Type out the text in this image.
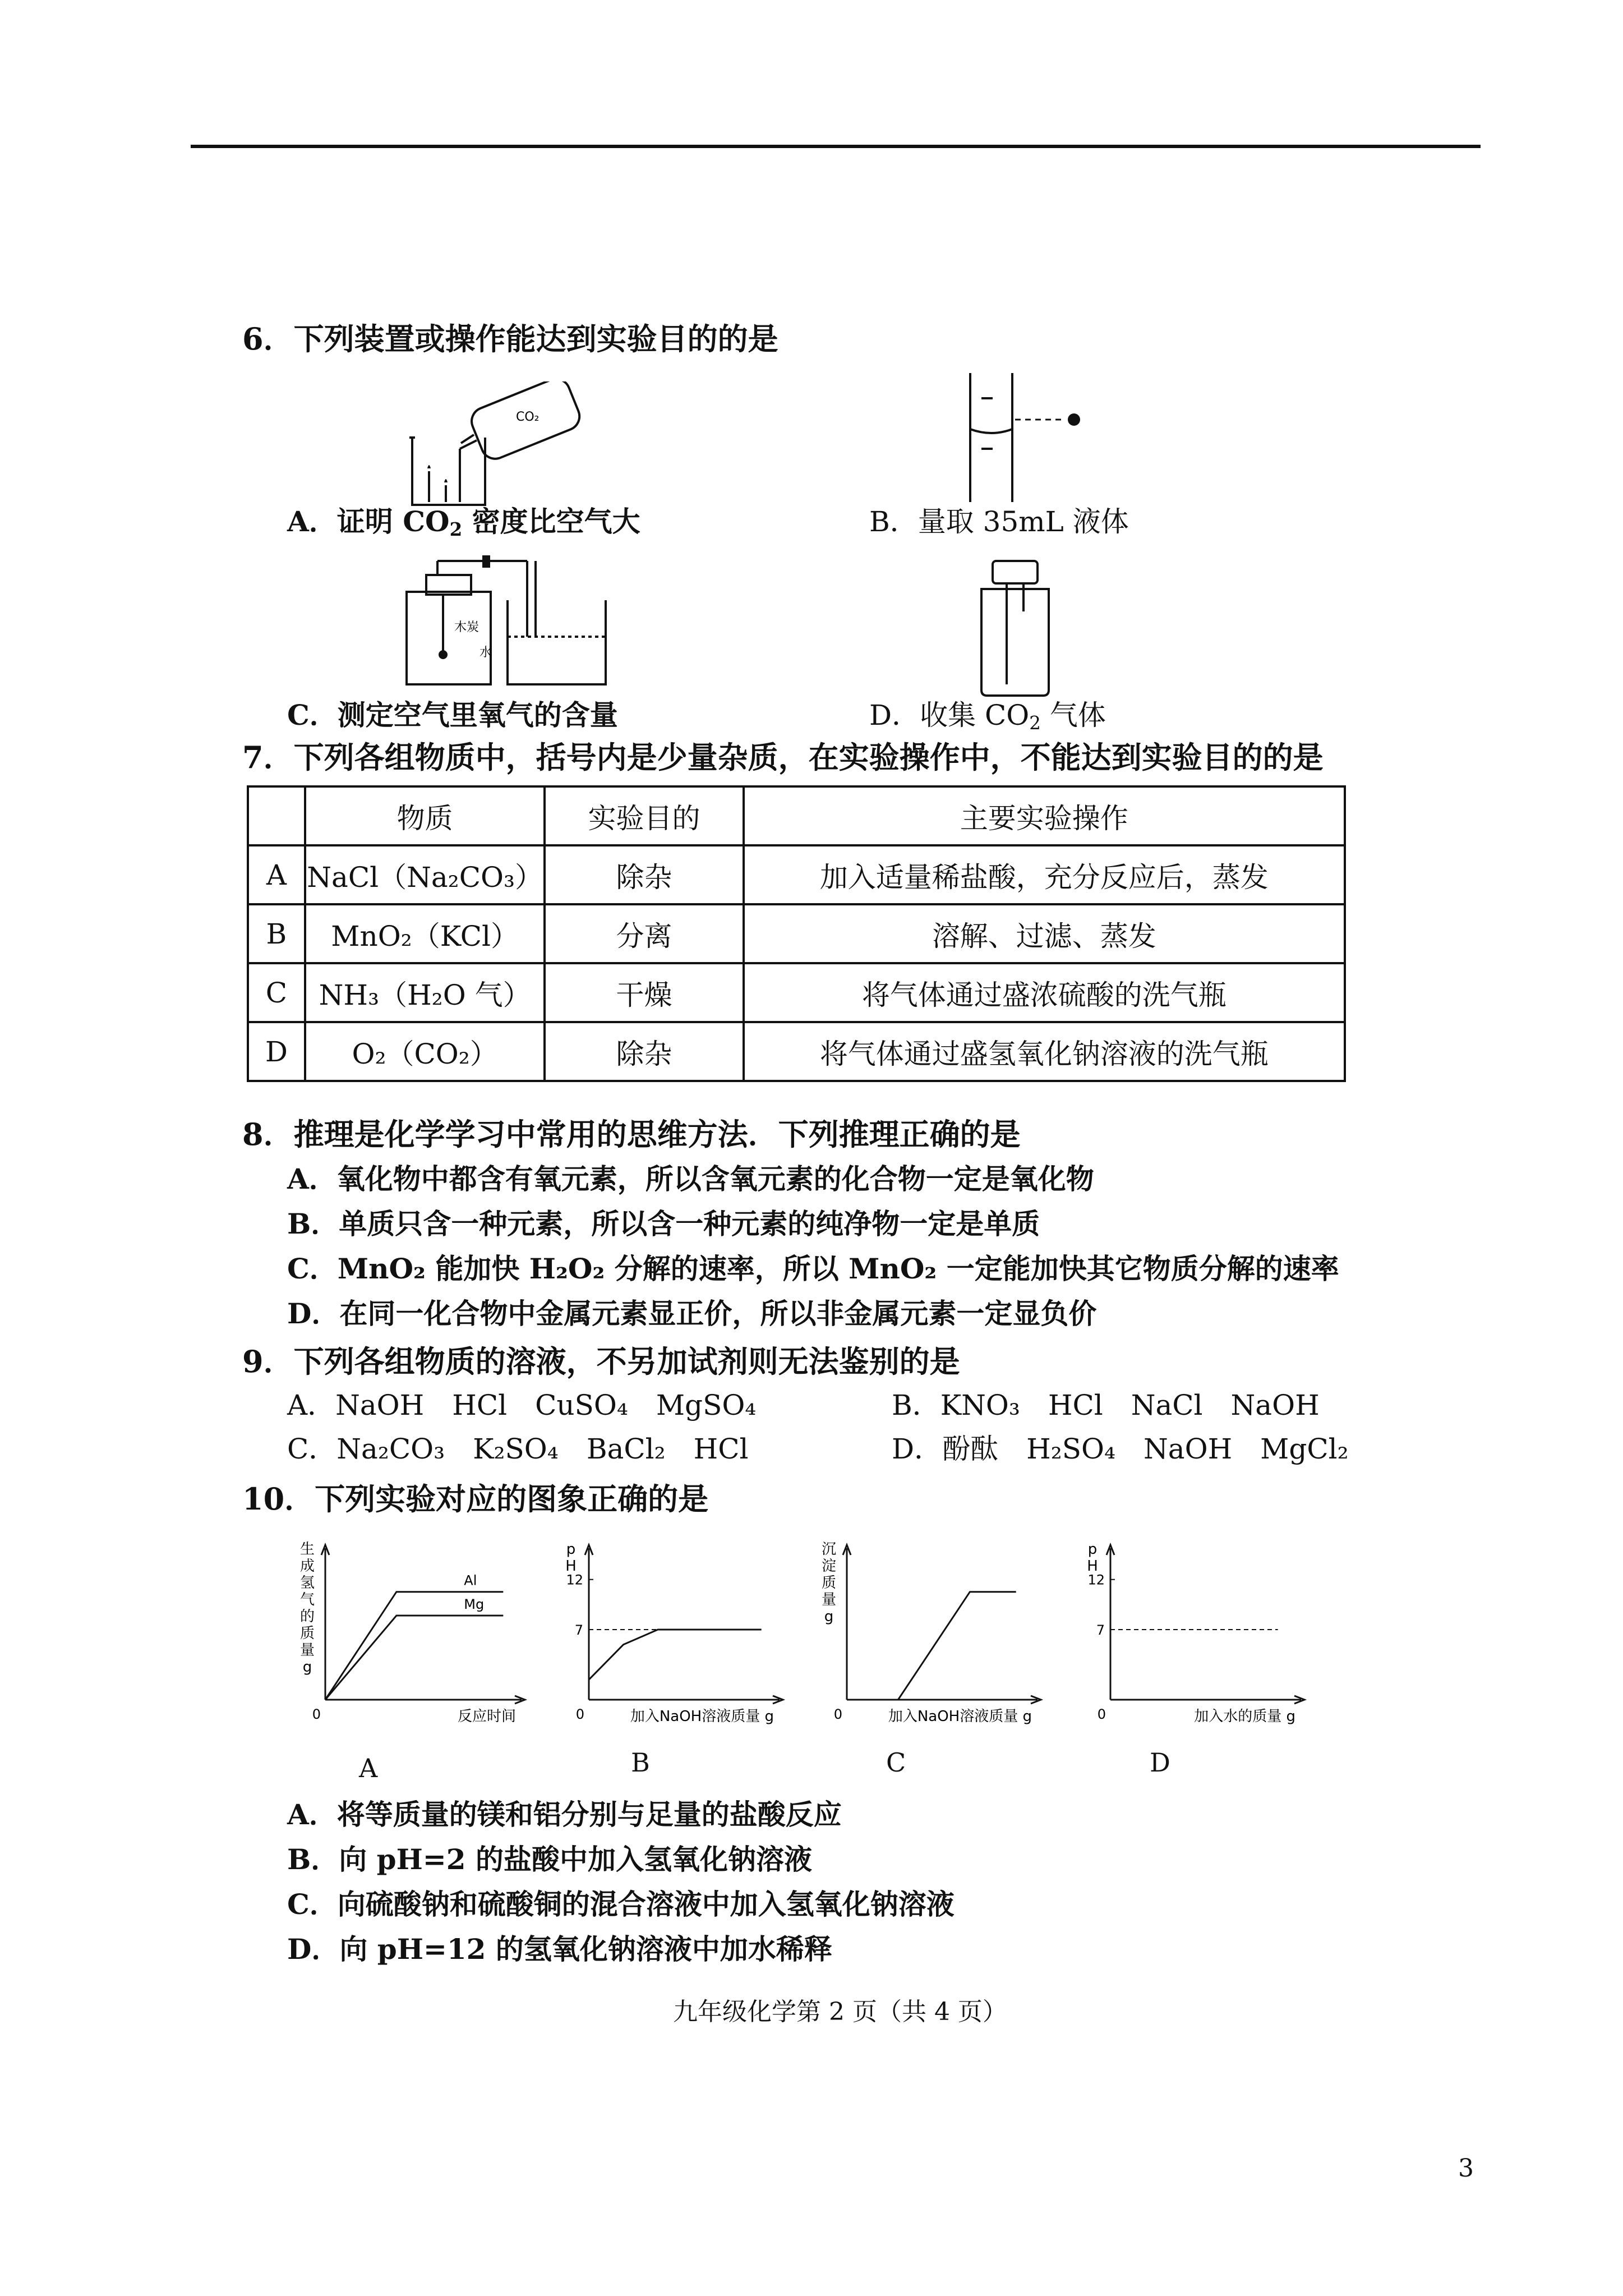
6．下列装置或操作能达到实验目的的是
CO₂
A．证明 $CO_2$ 密度比空气大	B．量取 35mL 液体
木炭
水
C．测定空气里氧气的含量	D．收集 $CO_2$ 气体
7．下列各组物质中，括号内是少量杂质，在实验操作中，不能达到实验目的的是
	物质	实验目的	主要实验操作
A	NaCl（Na₂CO₃）	除杂	加入适量稀盐酸，充分反应后，蒸发
B	MnO₂（KCl）	分离	溶解、过滤、蒸发
C	NH₃（H₂O 气）	干燥	将气体通过盛浓硫酸的洗气瓶
D	O₂（CO₂）	除杂	将气体通过盛氢氧化钠溶液的洗气瓶
8．推理是化学学习中常用的思维方法．下列推理正确的是
A．氧化物中都含有氧元素，所以含氧元素的化合物一定是氧化物
B．单质只含一种元素，所以含一种元素的纯净物一定是单质
C．MnO₂ 能加快 H₂O₂ 分解的速率，所以 MnO₂ 一定能加快其它物质分解的速率
D．在同一化合物中金属元素显正价，所以非金属元素一定显负价
9．下列各组物质的溶液，不另加试剂则无法鉴别的是
A．NaOH　HCl　CuSO₄　MgSO₄	B．KNO₃　HCl　NaCl　NaOH
C．Na₂CO₃　K₂SO₄　BaCl₂　HCl	D．酚酞　H₂SO₄　NaOH　MgCl₂
10．下列实验对应的图象正确的是
0	反应时间
生
成
氢
气
的
质
量
g
Al
Mg
0	加入NaOH溶液质量 g
p
H
12
7
0	加入NaOH溶液质量 g
沉
淀
质
量
g
0	加入水的质量 g
p
H
12
7
A	B	C	D
A．将等质量的镁和铝分别与足量的盐酸反应
B．向 pH=2 的盐酸中加入氢氧化钠溶液
C．向硫酸钠和硫酸铜的混合溶液中加入氢氧化钠溶液
D．向 pH=12 的氢氧化钠溶液中加水稀释
九年级化学第 2 页（共 4 页）
3
